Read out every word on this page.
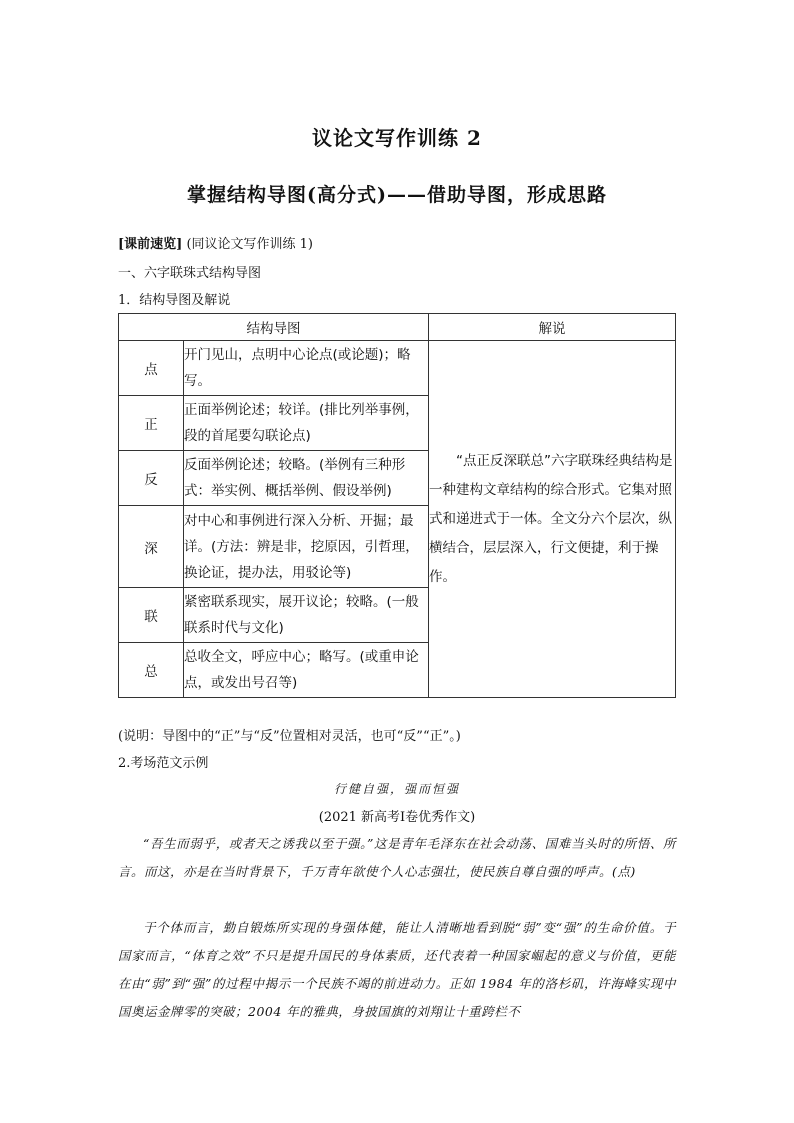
议论文写作训练 2
掌握结构导图(高分式)——借助导图，形成思路
[课前速览] (同议论文写作训练 1)
一、六字联珠式结构导图
1．结构导图及解说
结构导图		解说
点	开门见山，点明中心论点(或论题)；略写。	“点正反深联总”六字联珠经典结构是一种建构文章结构的综合形式。它集对照式和递进式于一体。全文分六个层次，纵横结合，层层深入，行文便捷，利于操作。
正	正面举例论述；较详。(排比列举事例，段的首尾要勾联论点)	
反	反面举例论述；较略。(举例有三种形式：举实例、概括举例、假设举例)	
深	对中心和事例进行深入分析、开掘；最详。(方法：辨是非，挖原因，引哲理，换论证，提办法，用驳论等)	
联	紧密联系现实，展开议论；较略。(一般联系时代与文化)	
总	总收全文，呼应中心；略写。(或重申论点，或发出号召等)	
(说明：导图中的“正”与“反”位置相对灵活，也可“反”“正”。)
2.考场范文示例
行健自强，强而恒强
(2021 新高考Ⅰ卷优秀作文)
“吾生而弱乎，或者天之诱我以至于强。”这是青年毛泽东在社会动荡、国难当头时的所悟、所言。而这，亦是在当时背景下，千万青年欲使个人心志强壮，使民族自尊自强的呼声。(点)
于个体而言，勤自锻炼所实现的身强体健，能让人清晰地看到脱“弱”变“强”的生命价值。于国家而言，“体育之效”不只是提升国民的身体素质，还代表着一种国家崛起的意义与价值，更能在由“弱”到“强”的过程中揭示一个民族不竭的前进动力。正如 1984 年的洛杉矶，许海峰实现中国奥运金牌零的突破；2004 年的雅典，身披国旗的刘翔让十重跨栏不
